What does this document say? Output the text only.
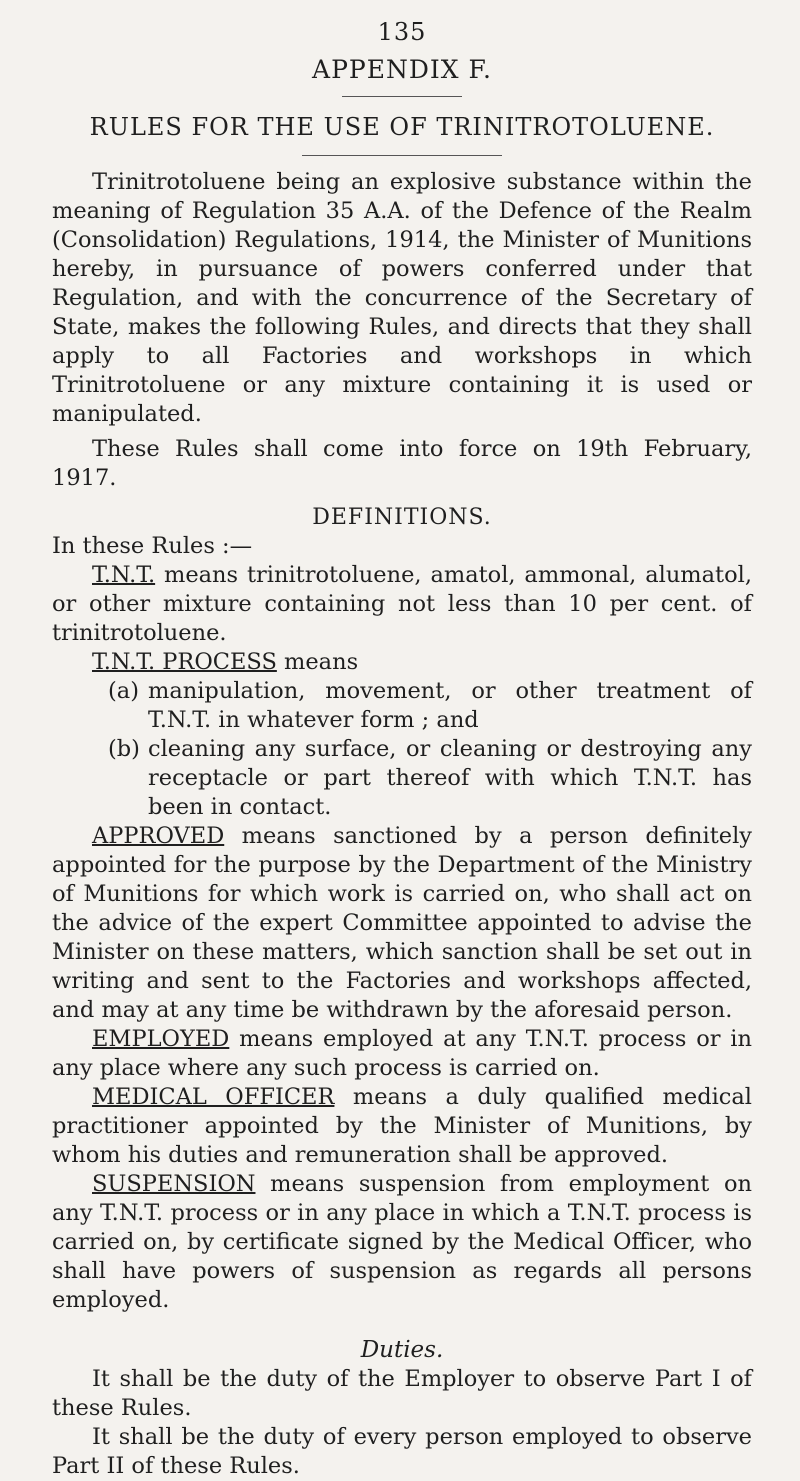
135

APPENDIX F.
RULES FOR THE USE OF TRINITROTOLUENE.

Trinitrotoluene being an explosive substance within the meaning of Regulation 35 A.A. of the Defence of the Realm (Consolidation) Regulations, 1914, the Minister of Munitions hereby, in pursuance of powers conferred under that Regulation, and with the concurrence of the Secretary of State, makes the following Rules, and directs that they shall apply to all Factories and workshops in which Trinitrotoluene or any mixture containing it is used or manipulated.

These Rules shall come into force on 19th February, 1917.

DEFINITIONS.

In these Rules :—

T.N.T. means trinitrotoluene, amatol, ammonal, alumatol, or other mixture containing not less than 10 per cent. of trinitrotoluene.

T.N.T. PROCESS means

(a) manipulation, movement, or other treatment of T.N.T. in whatever form ; and
(b) cleaning any surface, or cleaning or destroying any receptacle or part thereof with which T.N.T. has been in contact.

APPROVED means sanctioned by a person definitely appointed for the purpose by the Department of the Ministry of Munitions for which work is carried on, who shall act on the advice of the expert Committee appointed to advise the Minister on these matters, which sanction shall be set out in writing and sent to the Factories and workshops affected, and may at any time be withdrawn by the aforesaid person.

EMPLOYED means employed at any T.N.T. process or in any place where any such process is carried on.

MEDICAL OFFICER means a duly qualified medical practitioner appointed by the Minister of Munitions, by whom his duties and remuneration shall be approved.

SUSPENSION means suspension from employment on any T.N.T. process or in any place in which a T.N.T. process is carried on, by certificate signed by the Medical Officer, who shall have powers of suspension as regards all persons employed.

Duties.

It shall be the duty of the Employer to observe Part I of these Rules.

It shall be the duty of every person employed to observe Part II of these Rules.
